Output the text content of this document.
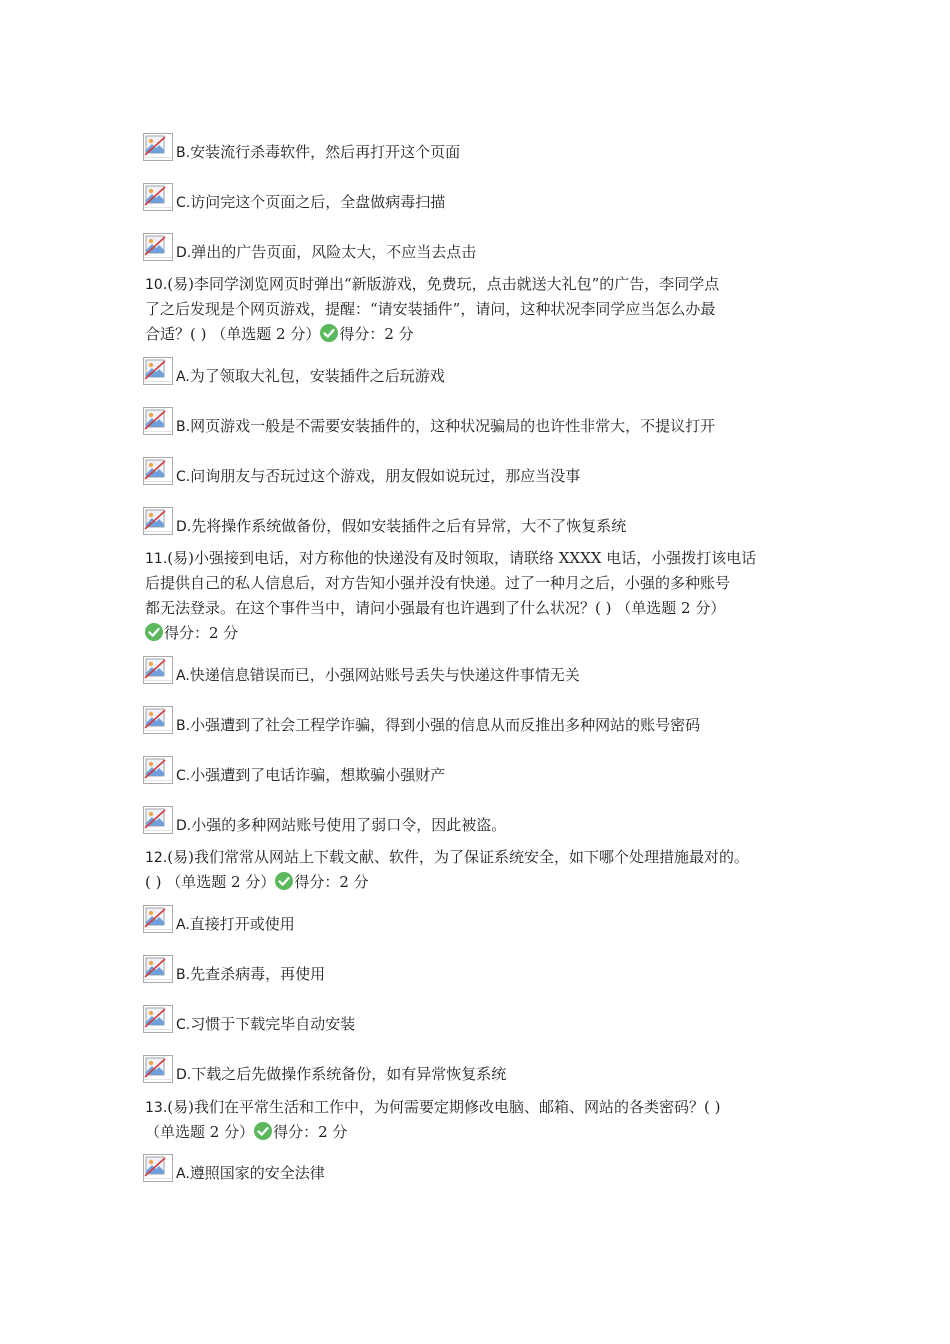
B.安装流行杀毒软件，然后再打开这个页面
C.访问完这个页面之后，全盘做病毒扫描
D.弹出的广告页面，风险太大，不应当去点击
10.(易)李同学浏览网页时弹出“新版游戏，免费玩，点击就送大礼包”的广告，李同学点
了之后发现是个网页游戏，提醒：“请安装插件”，请问，这种状况李同学应当怎么办最
合适？( ) （单选题 2 分） 得分：2 分
A.为了领取大礼包，安装插件之后玩游戏
B.网页游戏一般是不需要安装插件的，这种状况骗局的也许性非常大，不提议打开
C.问询朋友与否玩过这个游戏，朋友假如说玩过，那应当没事
D.先将操作系统做备份，假如安装插件之后有异常，大不了恢复系统
11.(易)小强接到电话，对方称他的快递没有及时领取，请联络 XXXX 电话，小强拨打该电话
后提供自己的私人信息后，对方告知小强并没有快递。过了一种月之后，小强的多种账号
都无法登录。在这个事件当中，请问小强最有也许遇到了什么状况？( ) （单选题 2 分）
得分：2 分
A.快递信息错误而已，小强网站账号丢失与快递这件事情无关
B.小强遭到了社会工程学诈骗，得到小强的信息从而反推出多种网站的账号密码
C.小强遭到了电话诈骗，想欺骗小强财产
D.小强的多种网站账号使用了弱口令，因此被盗。
12.(易)我们常常从网站上下载文献、软件，为了保证系统安全，如下哪个处理措施最对的。
( ) （单选题 2 分） 得分：2 分
A.直接打开或使用
B.先查杀病毒，再使用
C.习惯于下载完毕自动安装
D.下载之后先做操作系统备份，如有异常恢复系统
13.(易)我们在平常生活和工作中，为何需要定期修改电脑、邮箱、网站的各类密码？( )
（单选题 2 分） 得分：2 分
A.遵照国家的安全法律
